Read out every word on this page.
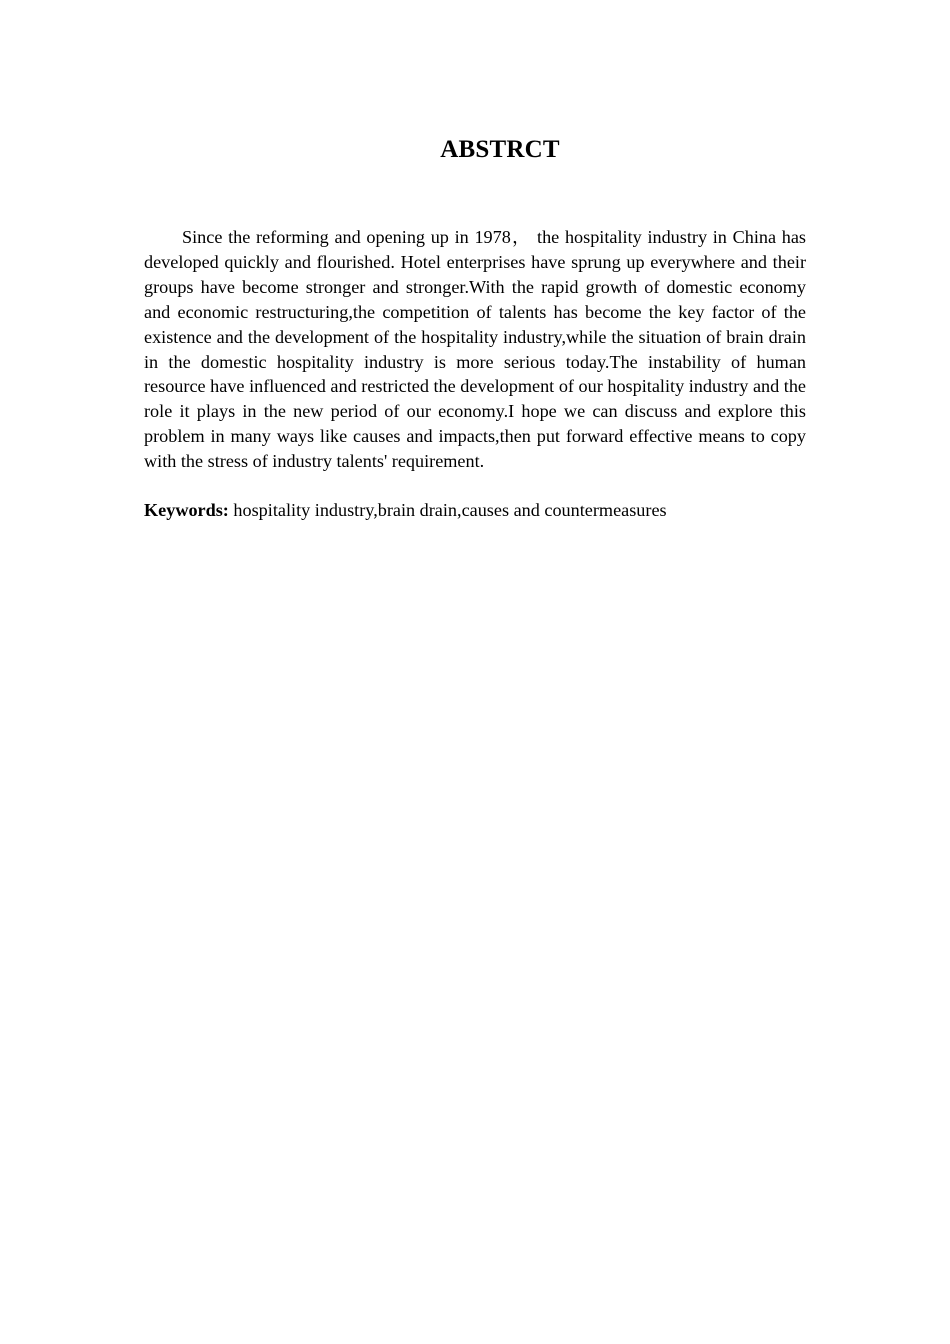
ABSTRCT

Since the reforming and opening up in 1978， the hospitality industry in China has developed quickly and flourished. Hotel enterprises have sprung up everywhere and their groups have become stronger and stronger.With the rapid growth of domestic economy and economic restructuring,the competition of talents has become the key factor of the existence and the development of the hospitality industry,while the situation of brain drain in the domestic hospitality industry is more serious today.The instability of human resource have influenced and restricted the development of our hospitality industry and the role it plays in the new period of our economy.I hope we can discuss and explore this problem in many ways like causes and impacts,then put forward effective means to copy with the stress of industry talents' requirement.

Keywords: hospitality industry,brain drain,causes and countermeasures
